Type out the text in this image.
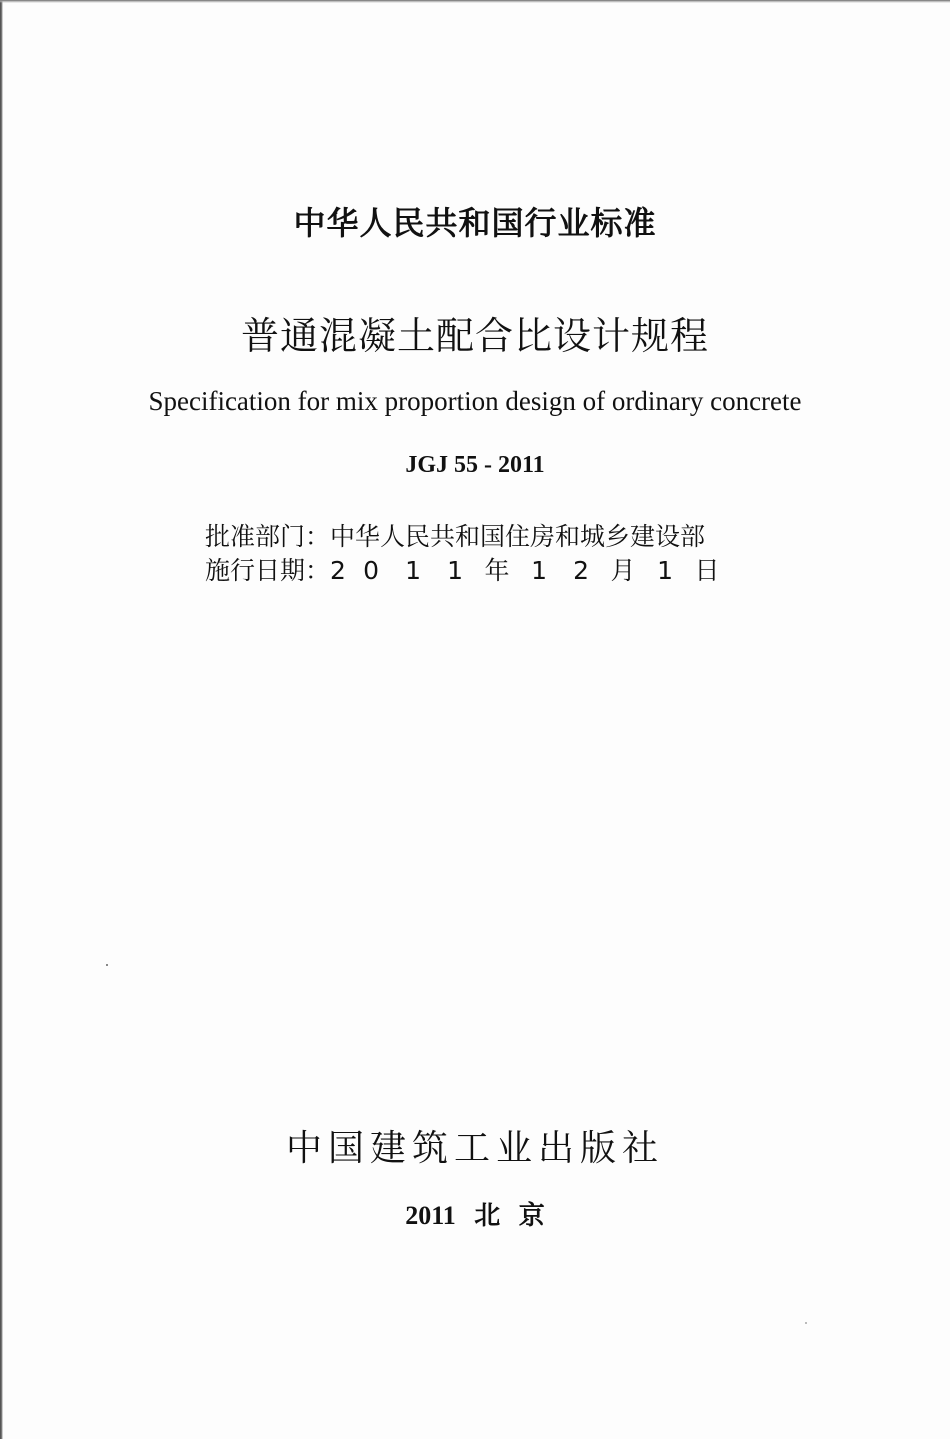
中华人民共和国行业标准
普通混凝土配合比设计规程
Specification for mix proportion design of ordinary concrete
JGJ 55 - 2011
批准部门： 中华人民共和国住房和城乡建设部
施行日期： 2 0	1	1 年 1	2 月 1 日
中国建筑工业出版社
2011 北 京
